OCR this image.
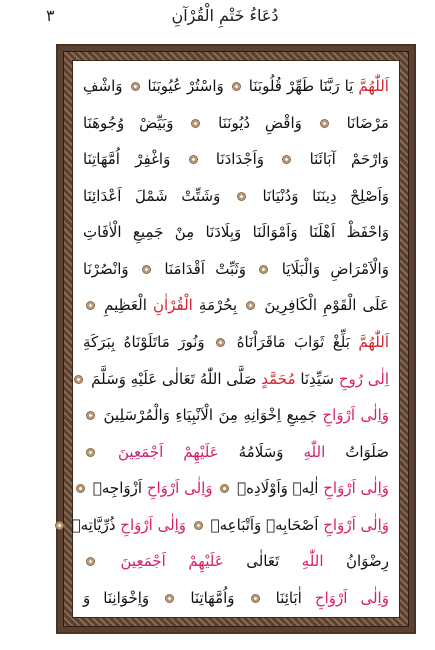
٣	دُعَاءُ خَتْمِ الْقُرْآنِ
اَللّٰهُمَّ يَا رَبَّنَا طَهِّرْ قُلُوبَنَا  وَاسْتُرْ عُيُوبَنَا  وَاشْفِ
مَرْضَانَا  وَاقْضِ دُيُونَنَا  وَبَيِّضْ وُجُوهَنَا
وَارْحَمْ آبَائَنَا  وَاَجْدَادَنَا  وَاغْفِرْ اُمَّهَاتِنَا
وَاَصْلِحْ دِينَنَا وَدُنْيَانَا  وَشَتِّتْ شَمْلَ اَعْدَائِنَا
وَاحْفَظْ اَهْلَنَا وَاَمْوَالَنَا وَبِلَادَنَا مِنْ جَمِيعِ الْاٰفَاتِ
وَالْاَمْرَاضِ وَالْبَلَايَا  وَثَبِّتْ اَقْدَامَنَا  وَانْصُرْنَا
عَلَى الْقَوْمِ الْكَافِرِينَ  بِحُرْمَةِ الْقُرْاٰنِ الْعَظِيمِ
اَللّٰهُمَّ بَلِّغْ ثَوَابَ مَاقَرَاْنَاهُ  وَنُورَ مَاتَلَوْنَاهُ بِبَرَكَةِ
اِلٰى رُوحِ سَيِّدِنَا مُحَمَّدٍ صَلَّى اللّٰهُ تَعَالٰى عَلَيْهِ وَسَلَّمَ
وَاِلٰى اَرْوَاحِ جَمِيعِ اِخْوَانِهِ مِنَ الْاَنْبِيَاءِ وَالْمُرْسَلِينَ
صَلَوَاتُ اللّٰهِ وَسَلَامُهُ عَلَيْهِمْ اَجْمَعِينَ
وَاِلٰى اَرْوَاحِ اٰلِهٖ وَاَوْلَادِهٖ  وَاِلٰى اَرْوَاحِ اَزْوَاجِهٖ
وَاِلٰى اَرْوَاحِ اَصْحَابِهٖ وَاَتْبَاعِهٖ  وَاِلٰى اَرْوَاحِ ذُرِّيَّاتِهٖ
رِضْوَانُ اللّٰهِ تَعَالٰى عَلَيْهِمْ اَجْمَعِينَ
وَاِلٰى اَرْوَاحِ اٰبَائِنَا  وَاُمَّهَاتِنَا  وَاِخْوَانِنَا وَ
